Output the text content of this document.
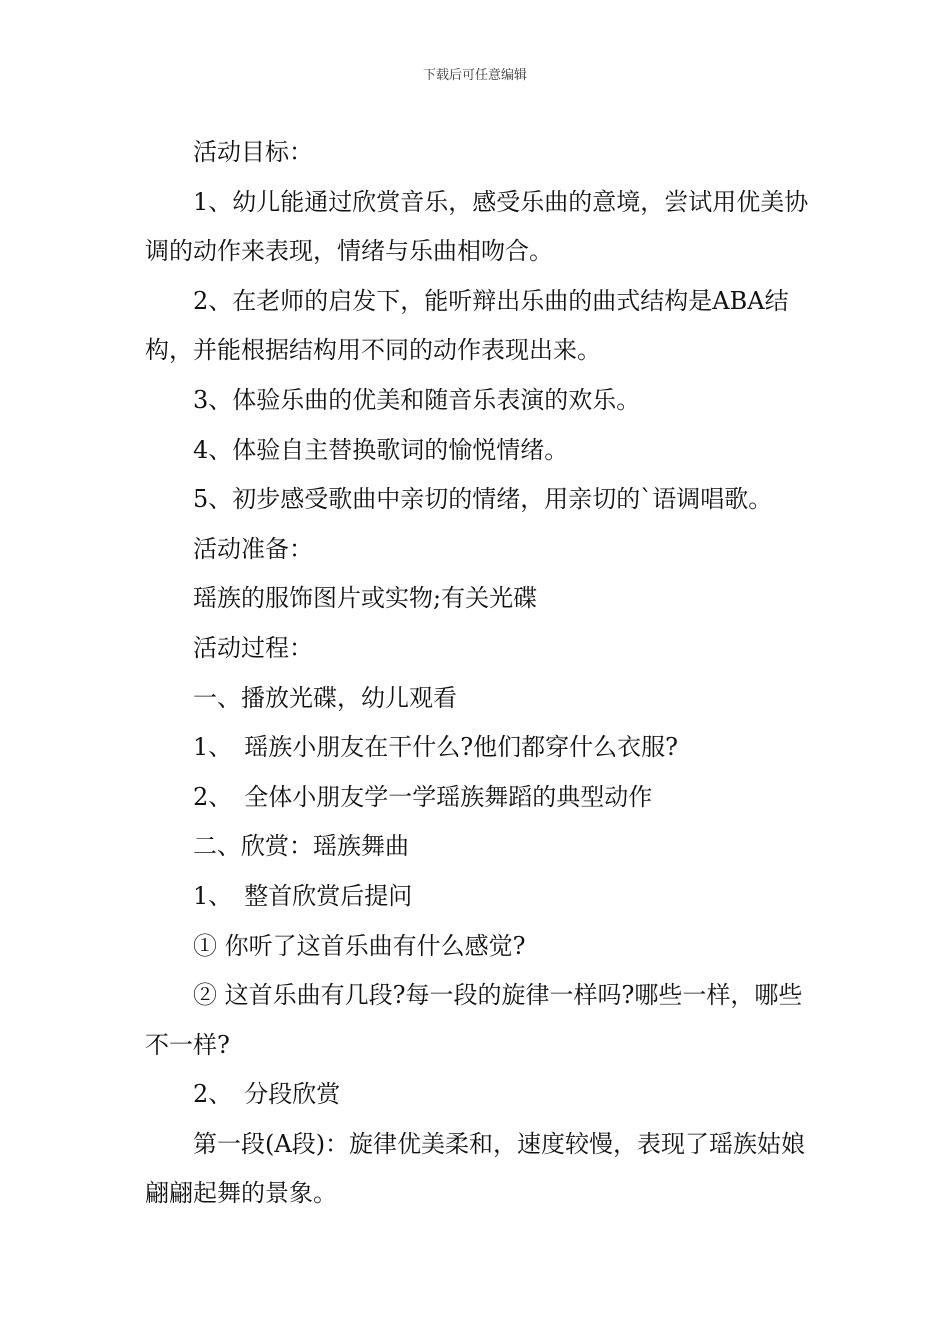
下载后可任意编辑

活动目标：

1、幼儿能通过欣赏音乐，感受乐曲的意境，尝试用优美协调的动作来表现，情绪与乐曲相吻合。

2、在老师的启发下，能听辩出乐曲的曲式结构是ABA结构，并能根据结构用不同的动作表现出来。

3、体验乐曲的优美和随音乐表演的欢乐。

4、体验自主替换歌词的愉悦情绪。

5、初步感受歌曲中亲切的情绪，用亲切的`语调唱歌。

活动准备：

瑶族的服饰图片或实物;有关光碟

活动过程：

一、播放光碟，幼儿观看

1、　瑶族小朋友在干什么?他们都穿什么衣服?

2、　全体小朋友学一学瑶族舞蹈的典型动作

二、欣赏：瑶族舞曲

1、　整首欣赏后提问

① 你听了这首乐曲有什么感觉?

② 这首乐曲有几段?每一段的旋律一样吗?哪些一样，哪些不一样?

2、　分段欣赏

第一段(A段)：旋律优美柔和，速度较慢，表现了瑶族姑娘翩翩起舞的景象。
